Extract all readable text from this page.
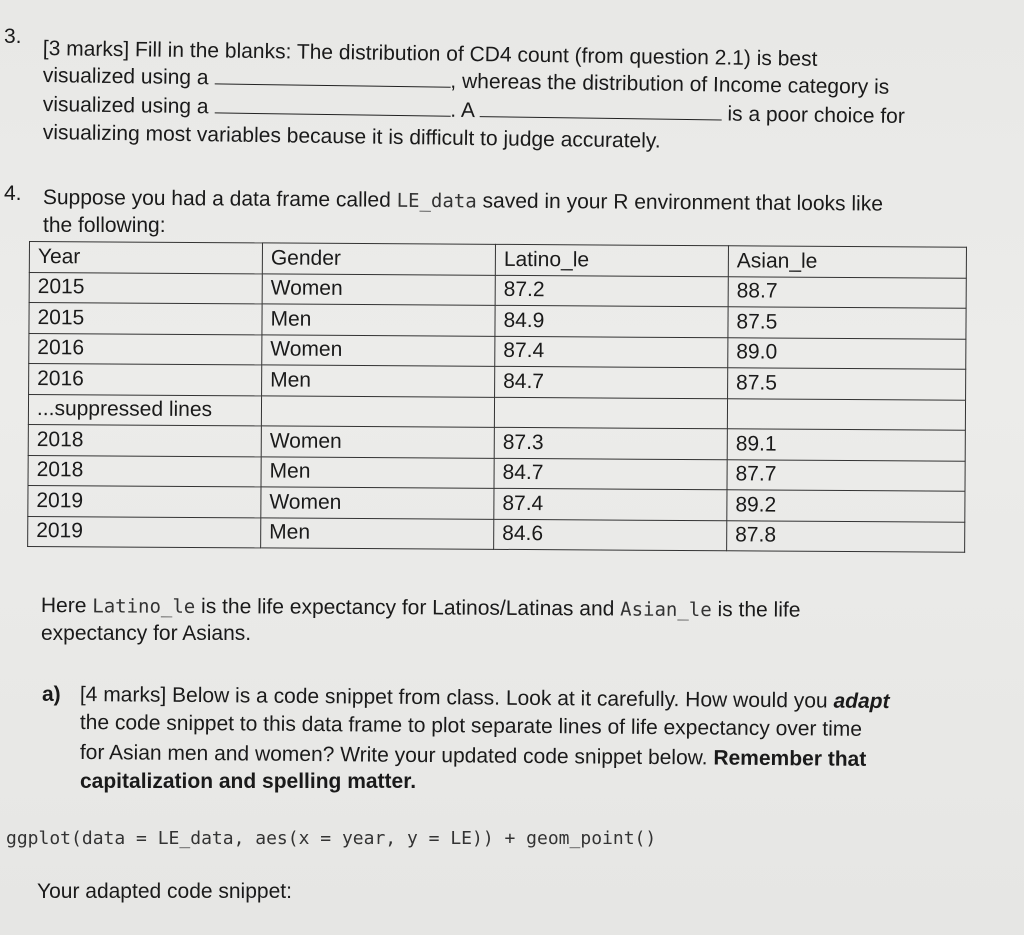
3.
[3 marks] Fill in the blanks: The distribution of CD4 count (from question 2.1) is best
visualized using a	, whereas the distribution of Income category is
visualized using a	. A	is a poor choice for
visualizing most variables because it is difficult to judge accurately.
4. Suppose you had a data frame called LE_data saved in your R environment that looks like
the following:
Year	Gender	Latino_le	Asian_le
2015	Women	87.2	88.7
2015	Men	84.9	87.5
2016	Women	87.4	89.0
2016	Men	84.7	87.5
...suppressed lines			
2018	Women	87.3	89.1
2018	Men	84.7	87.7
2019	Women	87.4	89.2
2019	Men	84.6	87.8
Here Latino_le is the life expectancy for Latinos/Latinas and Asian_le is the life
expectancy for Asians.
a) [4 marks] Below is a code snippet from class. Look at it carefully. How would you adapt
the code snippet to this data frame to plot separate lines of life expectancy over time
for Asian men and women? Write your updated code snippet below. Remember that
capitalization and spelling matter.
ggplot(data = LE_data, aes(x = year, y = LE)) + geom_point()
Your adapted code snippet:
